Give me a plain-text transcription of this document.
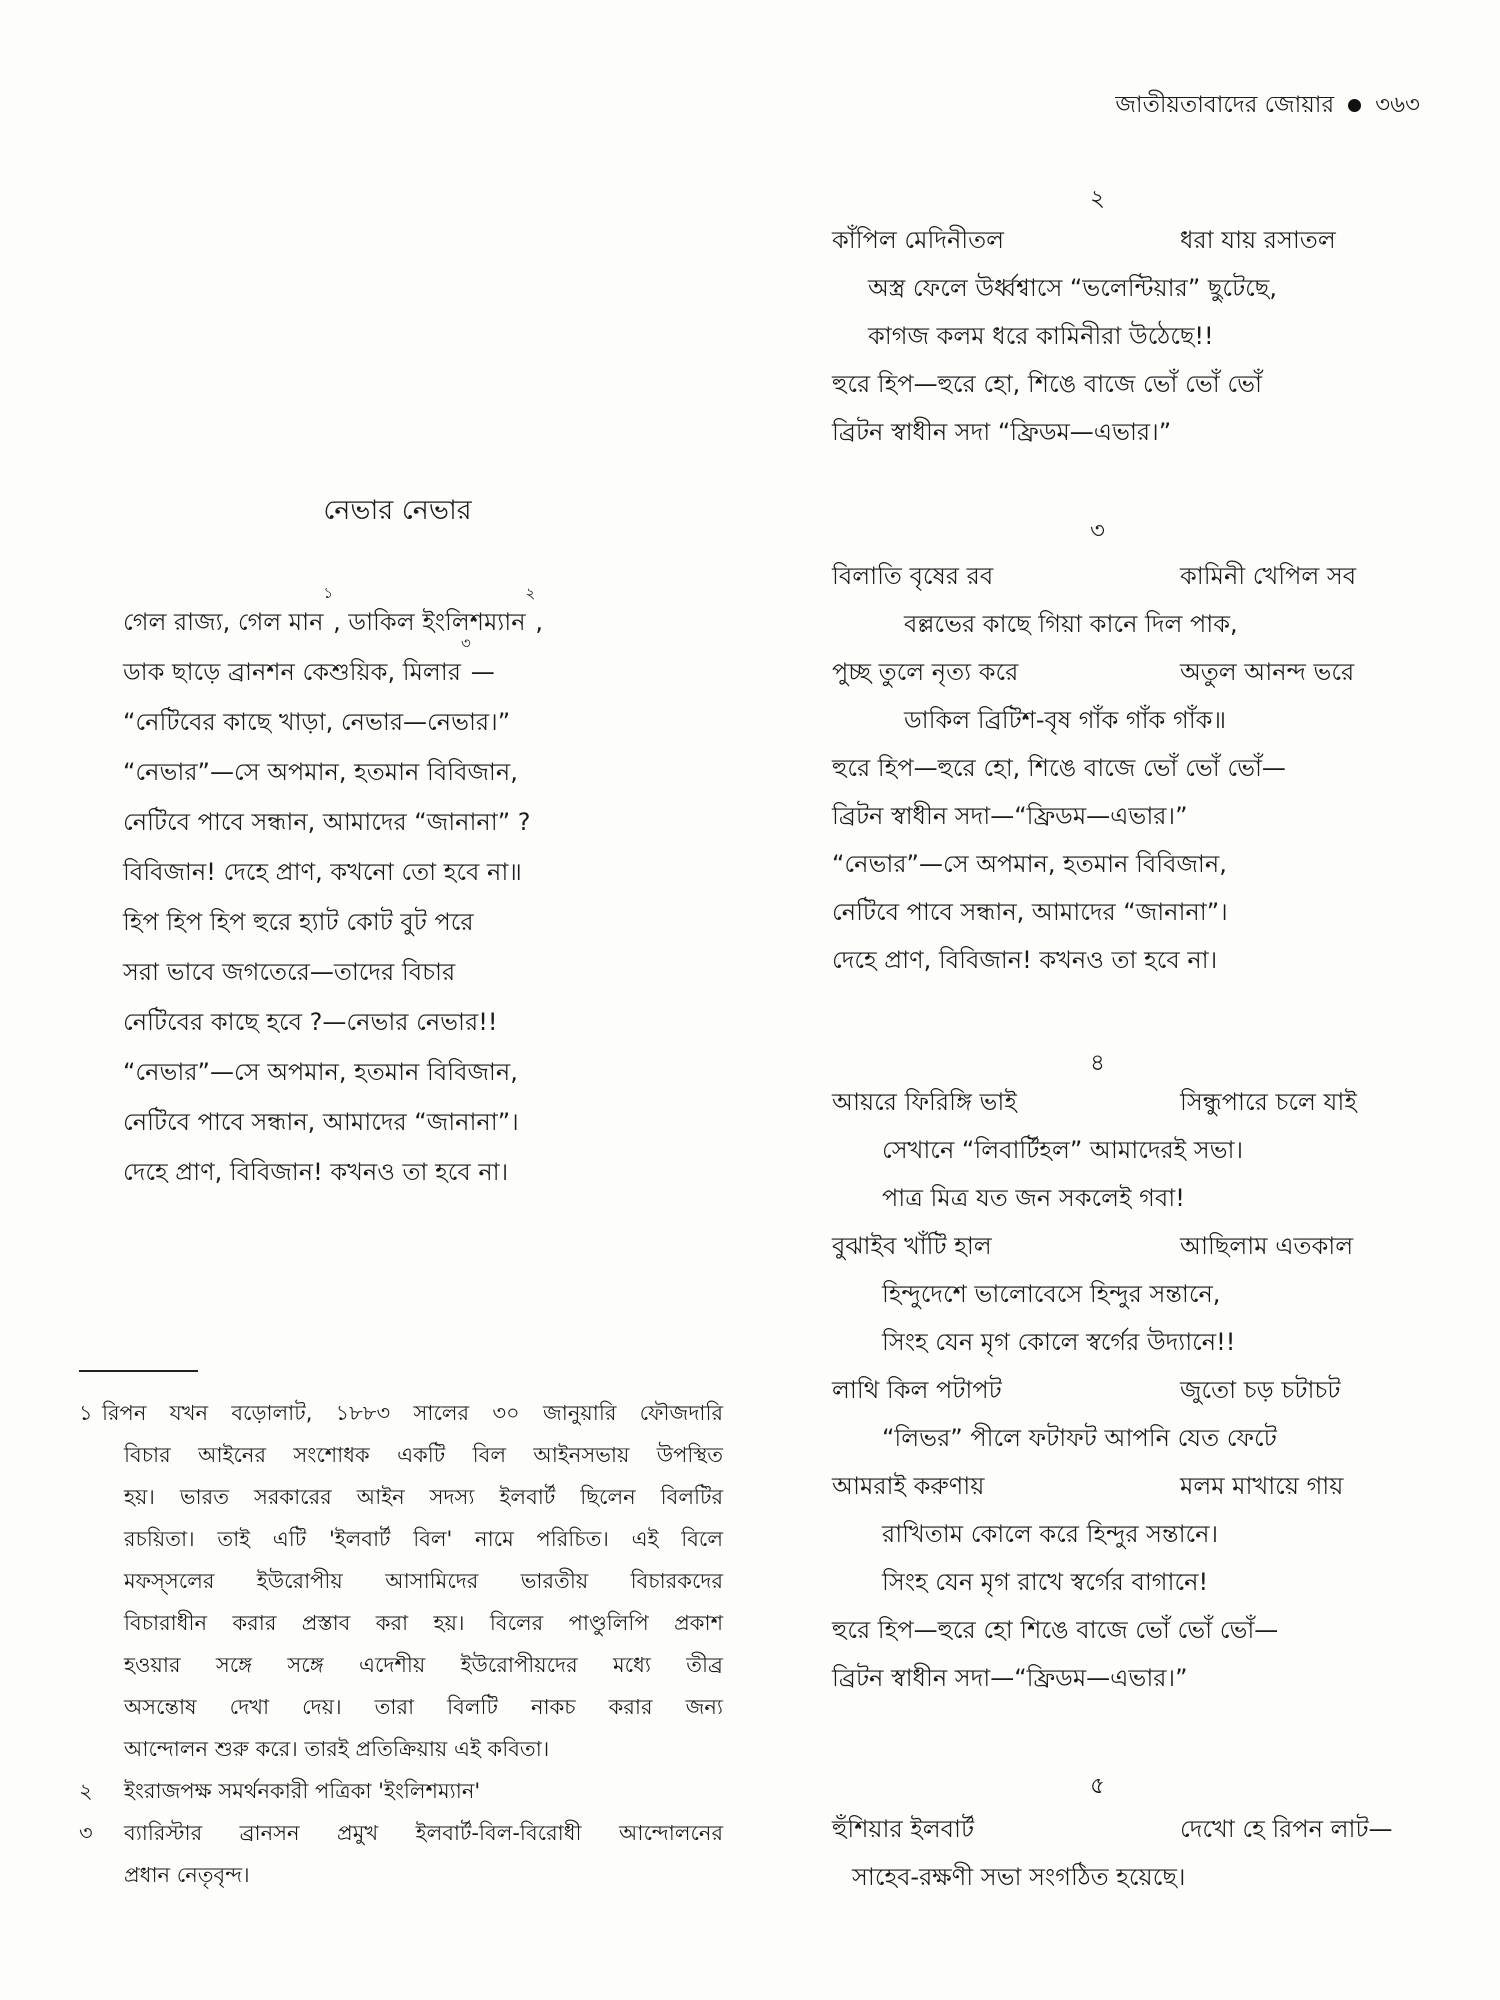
জাতীয়তাবাদের জোয়ার ৩৬৩
নেভার নেভার
গেল রাজ্য, গেল মান$^১$, ডাকিল ইংলিশম্যান$^২$,
ডাক ছাড়ে ব্রানশন কেশুয়িক, মিলার$^৩$—
“নেটিবের কাছে খাড়া, নেভার—নেভার।”
“নেভার”—সে অপমান, হতমান বিবিজান,
নেটিবে পাবে সন্ধান, আমাদের “জানানা” ?
বিবিজান! দেহে প্রাণ, কখনো তো হবে না॥
হিপ হিপ হিপ হুরে হ্যাট কোট বুট পরে
সরা ভাবে জগতেরে—তাদের বিচার
নেটিবের কাছে হবে ?—নেভার নেভার!!
“নেভার”—সে অপমান, হতমান বিবিজান,
নেটিবে পাবে সন্ধান, আমাদের “জানানা”।
দেহে প্রাণ, বিবিজান! কখনও তা হবে না।
১ রিপন যখন বড়োলাট, ১৮৮৩ সালের ৩০ জানুয়ারি ফৌজদারি
বিচার আইনের সংশোধক একটি বিল আইনসভায় উপস্থিত
হয়। ভারত সরকারের আইন সদস্য ইলবার্ট ছিলেন বিলটির
রচয়িতা। তাই এটি 'ইলবার্ট বিল' নামে পরিচিত। এই বিলে
মফস্‌সলের ইউরোপীয় আসামিদের ভারতীয় বিচারকদের
বিচারাধীন করার প্রস্তাব করা হয়। বিলের পাণ্ডুলিপি প্রকাশ
হওয়ার সঙ্গে সঙ্গে এদেশীয় ইউরোপীয়দের মধ্যে তীব্র
অসন্তোষ দেখা দেয়। তারা বিলটি নাকচ করার জন্য
আন্দোলন শুরু করে। তারই প্রতিক্রিয়ায় এই কবিতা।
২	ইংরাজপক্ষ সমর্থনকারী পত্রিকা 'ইংলিশম্যান'
৩	ব্যারিস্টার ব্রানসন প্রমুখ ইলবার্ট-বিল-বিরোধী আন্দোলনের
প্রধান নেতৃবৃন্দ।
২
কাঁপিল মেদিনীতল	ধরা যায় রসাতল
অস্ত্র ফেলে উর্ধ্বশ্বাসে “ভলেন্টিয়ার” ছুটেছে,
কাগজ কলম ধরে কামিনীরা উঠেছে!!
হুরে হিপ—হুরে হো, শিঙে বাজে ভোঁ ভোঁ ভোঁ
ব্রিটন স্বাধীন সদা “ফ্রিডম—এভার।”
৩
বিলাতি বৃষের রব	কামিনী খেপিল সব
বল্লভের কাছে গিয়া কানে দিল পাক,
পুচ্ছ তুলে নৃত্য করে	অতুল আনন্দ ভরে
ডাকিল ব্রিটিশ-বৃষ গাঁক গাঁক গাঁক॥
হুরে হিপ—হুরে হো, শিঙে বাজে ভোঁ ভোঁ ভোঁ—
ব্রিটন স্বাধীন সদা—“ফ্রিডম—এভার।”
“নেভার”—সে অপমান, হতমান বিবিজান,
নেটিবে পাবে সন্ধান, আমাদের “জানানা”।
দেহে প্রাণ, বিবিজান! কখনও তা হবে না।
৪
আয়রে ফিরিঙ্গি ভাই	সিন্ধুপারে চলে যাই
সেখানে “লিবার্টিহল” আমাদেরই সভা।
পাত্র মিত্র যত জন সকলেই গবা!
বুঝাইব খাঁটি হাল	আছিলাম এতকাল
হিন্দুদেশে ভালোবেসে হিন্দুর সন্তানে,
সিংহ যেন মৃগ কোলে স্বর্গের উদ্যানে!!
লাথি কিল পটাপট	জুতো চড় চটাচট
“লিভর” পীলে ফটাফট আপনি যেত ফেটে
আমরাই করুণায়	মলম মাখায়ে গায়
রাখিতাম কোলে করে হিন্দুর সন্তানে।
সিংহ যেন মৃগ রাখে স্বর্গের বাগানে!
হুরে হিপ—হুরে হো শিঙে বাজে ভোঁ ভোঁ ভোঁ—
ব্রিটন স্বাধীন সদা—“ফ্রিডম—এভার।”
৫
হুঁশিয়ার ইলবার্ট	দেখো হে রিপন লাট—
সাহেব-রক্ষণী সভা সংগঠিত হয়েছে।
